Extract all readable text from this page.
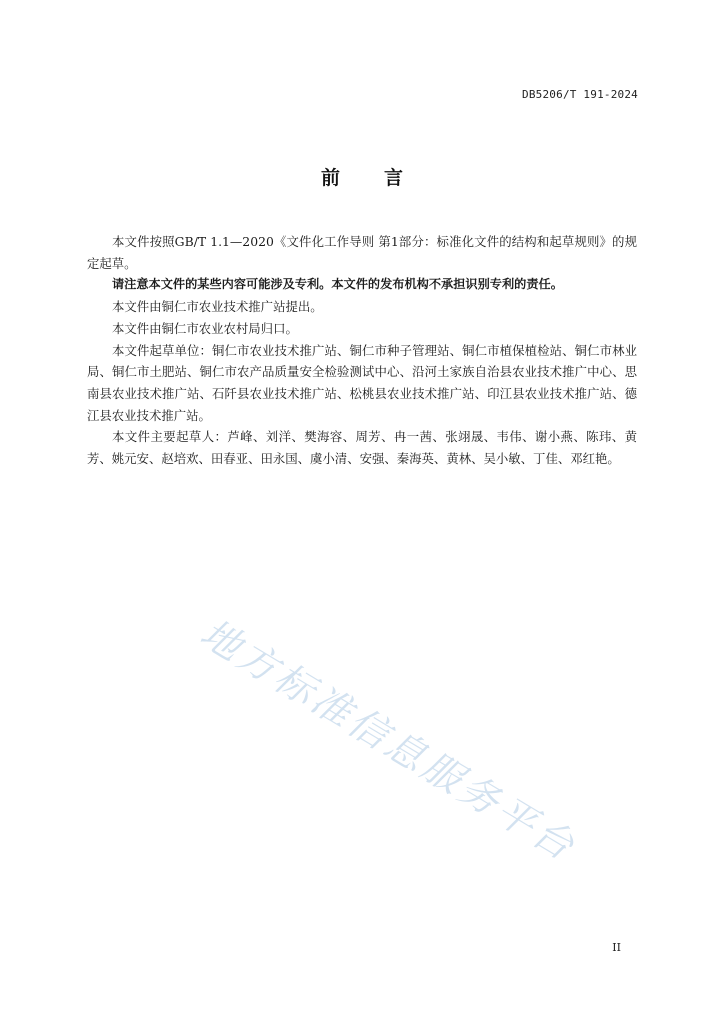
DB5206/T 191-2024
前 言

本文件按照GB/T 1.1—2020《文件化工作导则 第1部分：标准化文件的结构和起草规则》的规定起草。

请注意本文件的某些内容可能涉及专利。本文件的发布机构不承担识别专利的责任。

本文件由铜仁市农业技术推广站提出。

本文件由铜仁市农业农村局归口。

本文件起草单位：铜仁市农业技术推广站、铜仁市种子管理站、铜仁市植保植检站、铜仁市林业局、铜仁市土肥站、铜仁市农产品质量安全检验测试中心、沿河土家族自治县农业技术推广中心、思南县农业技术推广站、石阡县农业技术推广站、松桃县农业技术推广站、印江县农业技术推广站、德江县农业技术推广站。

本文件主要起草人：芦峰、刘洋、樊海容、周芳、冉一茜、张翊晟、韦伟、谢小燕、陈玮、黄芳、姚元安、赵培欢、田春亚、田永国、虞小清、安强、秦海英、黄林、吴小敏、丁佳、邓红艳。

地方标准信息服务平台
II
